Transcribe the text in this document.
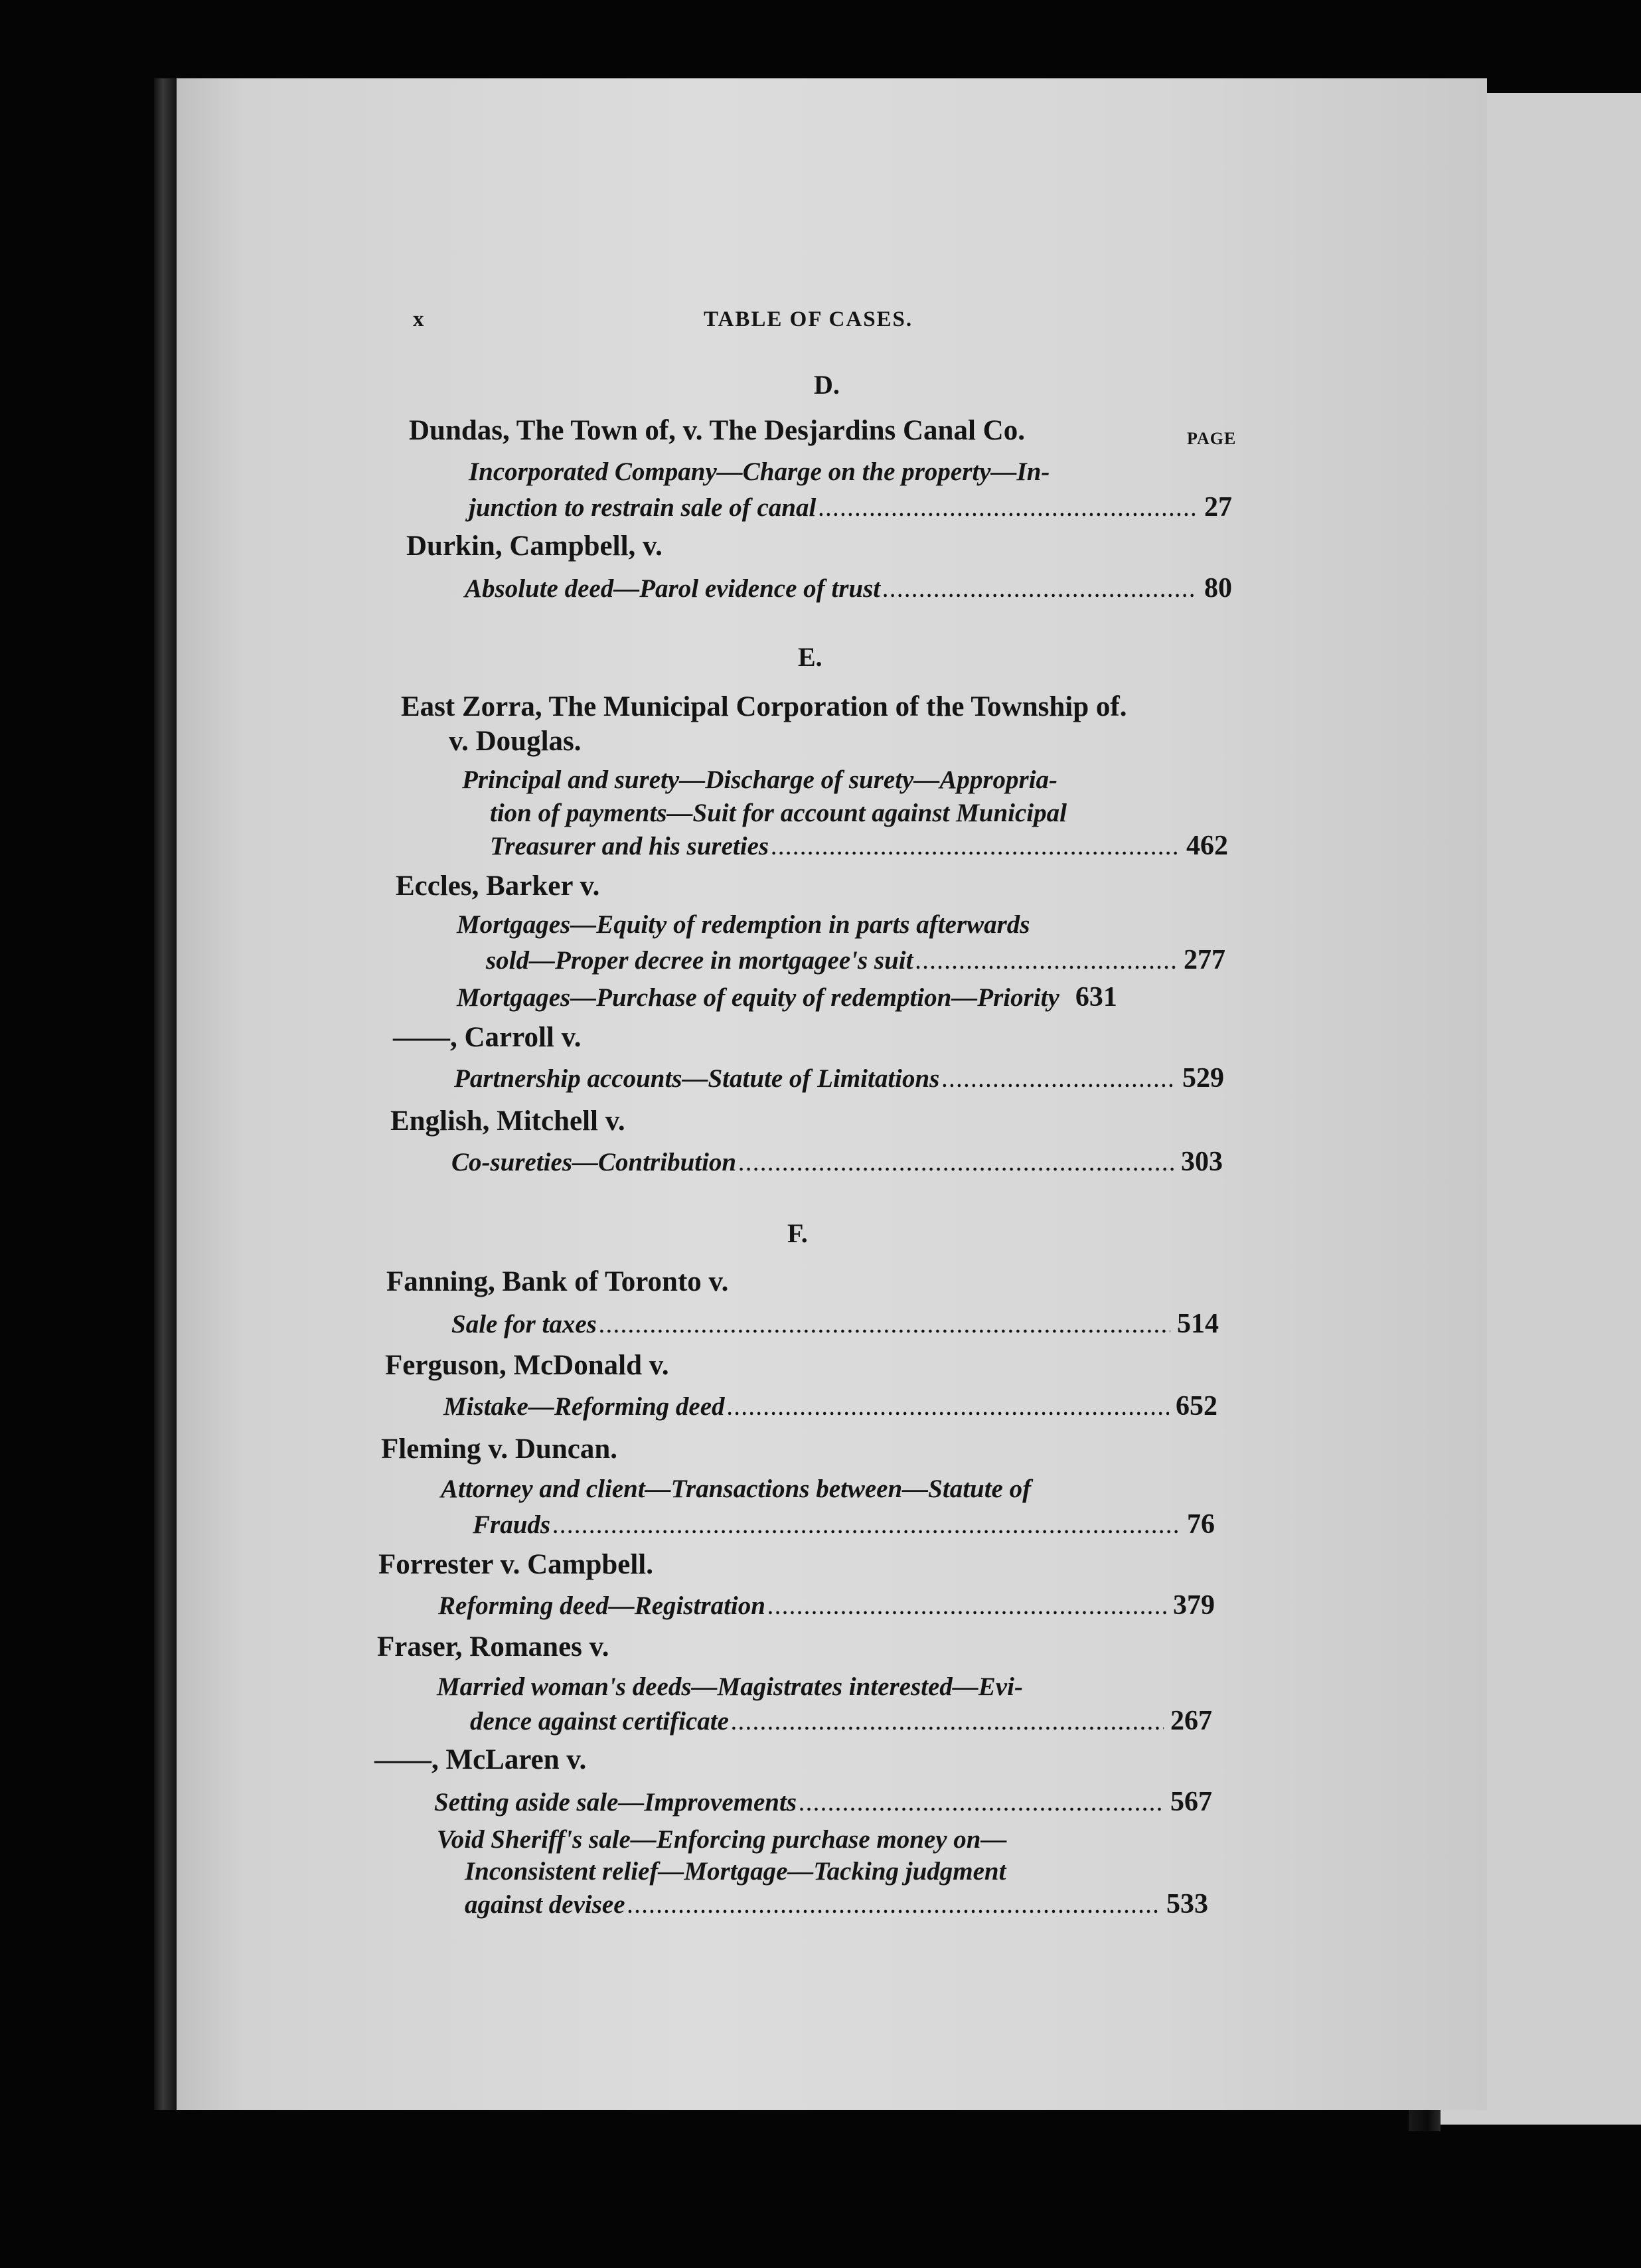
x	TABLE OF CASES.
D.
Dundas, The Town of, v. The Desjardins Canal Co.	PAGE
Incorporated Company—Charge on the property—In-
junction to restrain sale of canal .....	27
Durkin, Campbell, v.
Absolute deed—Parol evidence of trust .....	80
E.
East Zorra, The Municipal Corporation of the Township of.
v. Douglas.
Principal and surety—Discharge of surety—Appropria-
tion of payments—Suit for account against Municipal
Treasurer and his sureties .....	462
Eccles, Barker v.
Mortgages—Equity of redemption in parts afterwards
sold—Proper decree in mortgagee's suit .....	277
Mortgages—Purchase of equity of redemption—Priority 631
——, Carroll v.
Partnership accounts—Statute of Limitations .....	529
English, Mitchell v.
Co-sureties—Contribution .....	303
F.
Fanning, Bank of Toronto v.
Sale for taxes .....	514
Ferguson, McDonald v.
Mistake—Reforming deed .....	652
Fleming v. Duncan.
Attorney and client—Transactions between—Statute of
Frauds .....	76
Forrester v. Campbell.
Reforming deed—Registration .....	379
Fraser, Romanes v.
Married woman's deeds—Magistrates interested—Evi-
dence against certificate .....	267
——, McLaren v.
Setting aside sale—Improvements .....	567
Void Sheriff's sale—Enforcing purchase money on—
Inconsistent relief—Mortgage—Tacking judgment
against devisee .....	533
